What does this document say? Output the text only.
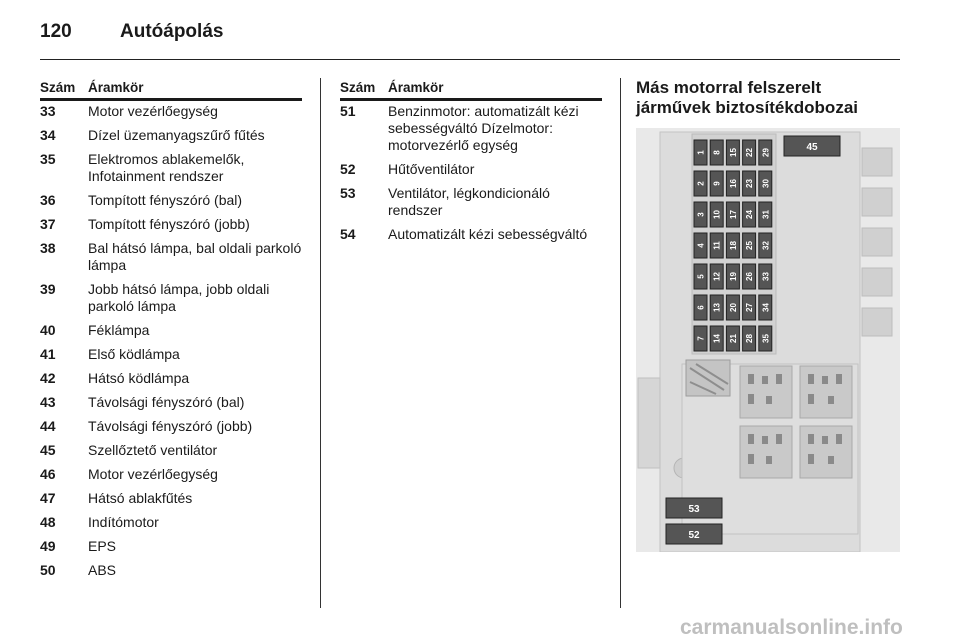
120	Autóápolás
Szám Áramkör
33	Motor vezérlőegység
34	Dízel üzemanyagszűrő fűtés
35	Elektromos ablakemelők, Infotainment rendszer
36	Tompított fényszóró (bal)
37	Tompított fényszóró (jobb)
38	Bal hátsó lámpa, bal oldali parkoló lámpa
39	Jobb hátsó lámpa, jobb oldali parkoló lámpa
40	Féklámpa
41	Első ködlámpa
42	Hátsó ködlámpa
43	Távolsági fényszóró (bal)
44	Távolsági fényszóró (jobb)
45	Szellőztető ventilátor
46	Motor vezérlőegység
47	Hátsó ablakfűtés
48	Indítómotor
49	EPS
50	ABS
Szám Áramkör
51	Benzinmotor: automatizált kézi sebességváltó Dízelmotor: motorvezérlő egység
52	Hűtőventilátor
53	Ventilátor, légkondicionáló rendszer
54	Automatizált kézi sebességváltó
Más motorral felszerelt járművek biztosítékdobozai
1 8 15 22 29
2 9 16 23 30
3 10 17 24 31
4 11 18 25 32
5 12 19 26 33
6 13 20 27 34
7 14 21 28 35
45
53
52
carmanualsonline.info
